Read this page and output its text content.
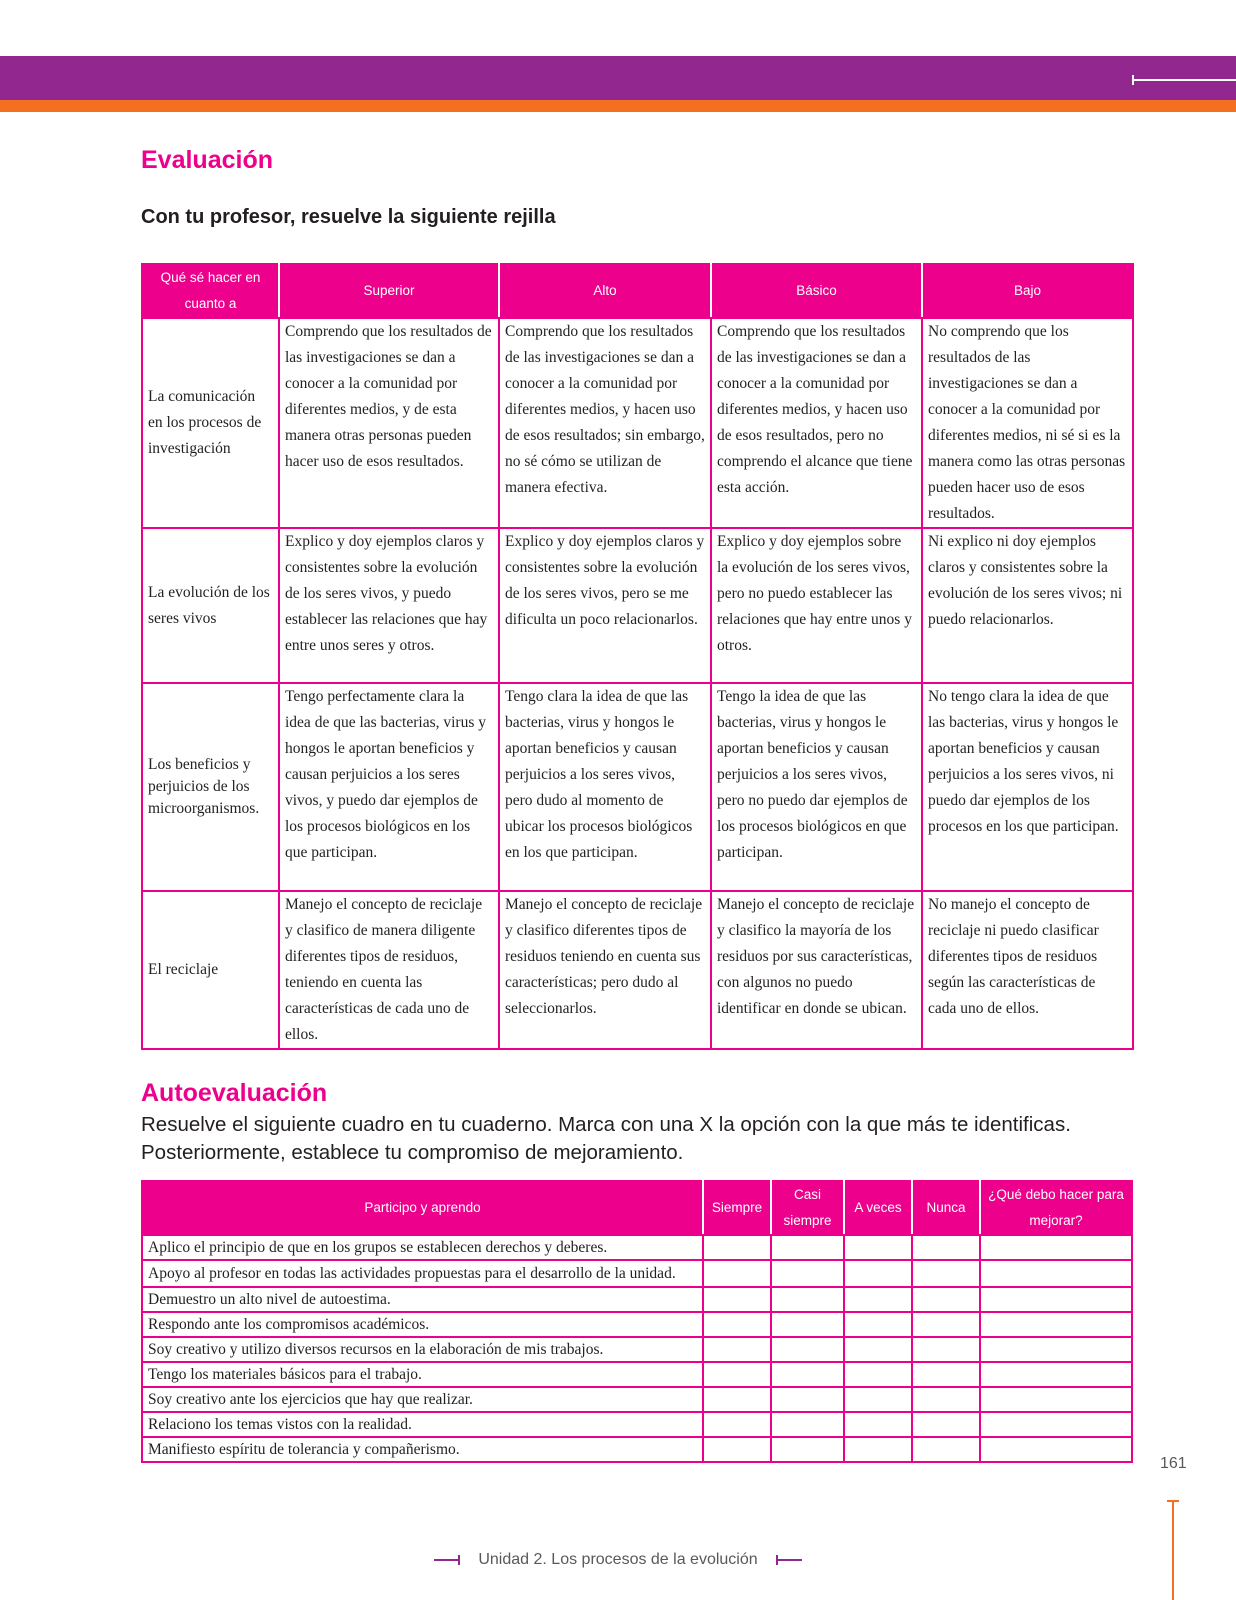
Evaluación
Con tu profesor, resuelve la siguiente rejilla
Qué sé hacer en cuanto a	Superior	Alto	Básico	Bajo
La comunicación en los procesos de investigación	Comprendo que los resultados de las investigaciones se dan a conocer a la comunidad por diferentes medios, y de esta manera otras personas pueden hacer uso de esos resultados.	Comprendo que los resultados de las investigaciones se dan a conocer a la comunidad por diferentes medios, y hacen uso de esos resultados; sin embargo, no sé cómo se utilizan de manera efectiva.	Comprendo que los resultados de las investigaciones se dan a conocer a la comunidad por diferentes medios, y hacen uso de esos resultados, pero no comprendo el alcance que tiene esta acción.	No comprendo que los resultados de las investigaciones se dan a conocer a la comunidad por diferentes medios, ni sé si es la manera como las otras personas pueden hacer uso de esos resultados.
La evolución de los seres vivos	Explico y doy ejemplos claros y consistentes sobre la evolución de los seres vivos, y puedo establecer las relaciones que hay entre unos seres y otros.	Explico y doy ejemplos claros y consistentes sobre la evolución de los seres vivos, pero se me dificulta un poco relacionarlos.	Explico y doy ejemplos sobre la evolución de los seres vivos, pero no puedo establecer las relaciones que hay entre unos y otros.	Ni explico ni doy ejemplos claros y consistentes sobre la evolución de los seres vivos; ni puedo relacionarlos.
Los beneficios y perjuicios de los microorganismos.	Tengo perfectamente clara la idea de que las bacterias, virus y hongos le aportan beneficios y causan perjuicios a los seres vivos, y puedo dar ejemplos de los procesos biológicos en los que participan.	Tengo clara la idea de que las bacterias, virus y hongos le aportan beneficios y causan perjuicios a los seres vivos, pero dudo al momento de ubicar los procesos biológicos en los que participan.	Tengo la idea de que las bacterias, virus y hongos le aportan beneficios y causan perjuicios a los seres vivos, pero no puedo dar ejemplos de los procesos biológicos en que participan.	No tengo clara la idea de que las bacterias, virus y hongos le aportan beneficios y causan perjuicios a los seres vivos, ni puedo dar ejemplos de los procesos en los que participan.
El reciclaje	Manejo el concepto de reciclaje y clasifico de manera diligente diferentes tipos de residuos, teniendo en cuenta las características de cada uno de ellos.	Manejo el concepto de reciclaje y clasifico diferentes tipos de residuos teniendo en cuenta sus características; pero dudo al seleccionarlos.	Manejo el concepto de reciclaje y clasifico la mayoría de los residuos por sus características, con algunos no puedo identificar en donde se ubican.	No manejo el concepto de reciclaje ni puedo clasificar diferentes tipos de residuos según las características de cada uno de ellos.
Autoevaluación

Resuelve el siguiente cuadro en tu cuaderno. Marca con una X la opción con la que más te identificas. Posteriormente, establece tu compromiso de mejoramiento.

Participo y aprendo	Siempre	Casi siempre	A veces	Nunca	¿Qué debo hacer para mejorar?
Aplico el principio de que en los grupos se establecen derechos y deberes.					
Apoyo al profesor en todas las actividades propuestas para el desarrollo de la unidad.					
Demuestro un alto nivel de autoestima.					
Respondo ante los compromisos académicos.					
Soy creativo y utilizo diversos recursos en la elaboración de mis trabajos.					
Tengo los materiales básicos para el trabajo.					
Soy creativo ante los ejercicios que hay que realizar.					
Relaciono los temas vistos con la realidad.					
Manifiesto espíritu de tolerancia y compañerismo.					
161
Unidad 2. Los procesos de la evolución
